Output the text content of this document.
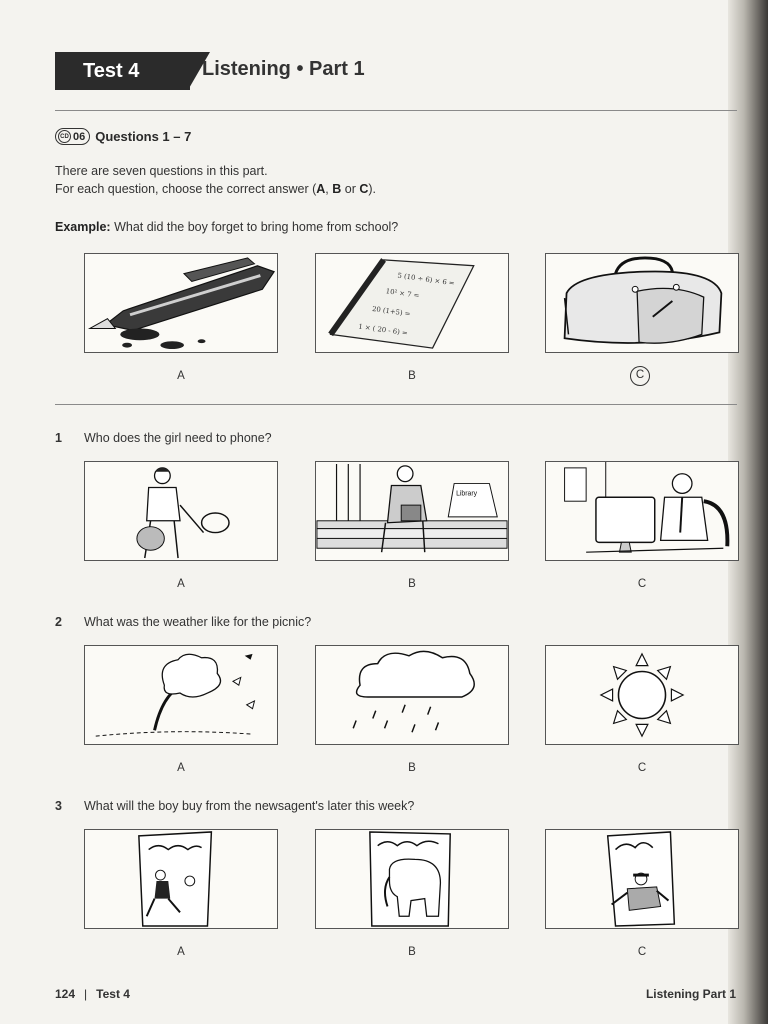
Test 4	Listening • Part 1
CD 06 Questions 1 – 7
There are seven questions in this part.
For each question, choose the correct answer (A, B or C).
Example: What did the boy forget to bring home from school?
5 (10 ÷ 6) × 6 =
10² × 7 =
20 (1+5) =
1 × ( 20 - 6) =
A	B	C
1 Who does the girl need to phone?
Library
A	B	C
2 What was the weather like for the picnic?
A	B	C
3 What will the boy buy from the newsagent's later this week?
A	B	C
124 | Test 4	Listening Part 1
